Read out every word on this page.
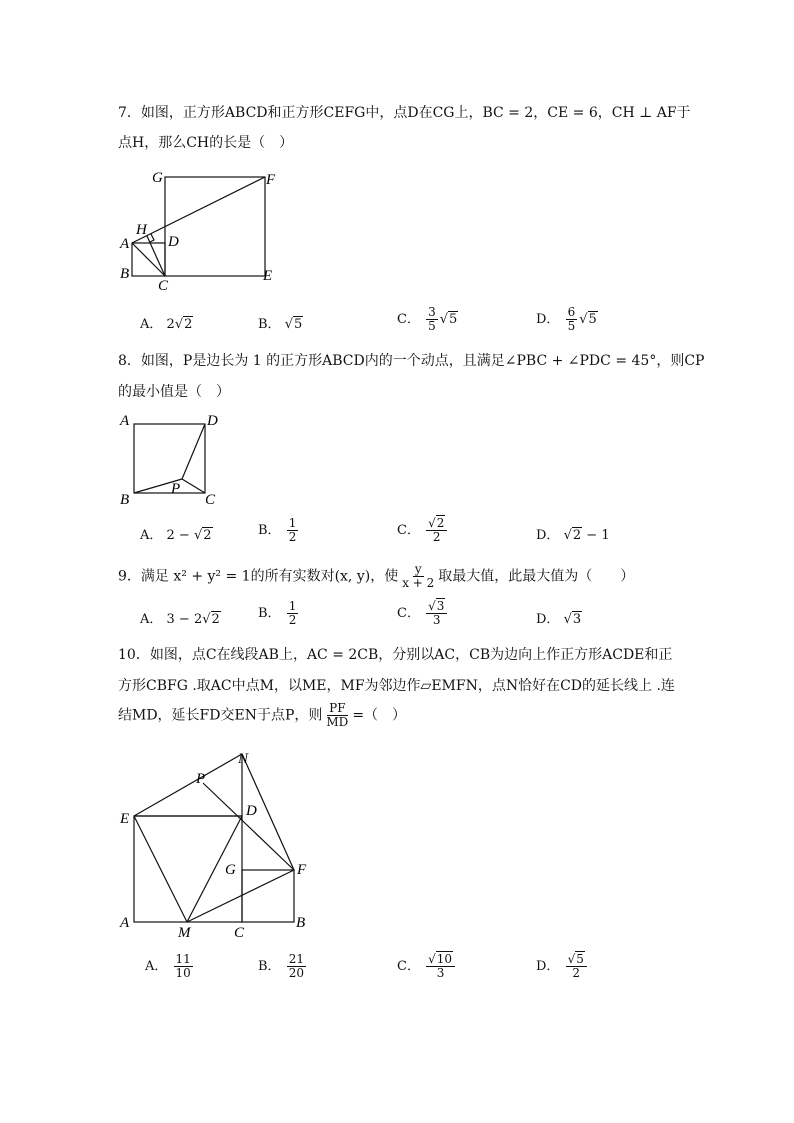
7．如图，正方形ABCD和正方形CEFG中，点D在CG上，BC = 2，CE = 6，CH ⊥ AF于
点H，那么CH的长是（　）
G	F
H
A	D
B
C
E
A． 2√2	B． √5	C． $\frac{3}{5} √5$	D． $\frac{6}{5} √5$
8．如图，P是边长为 1 的正方形ABCD内的一个动点，且满足∠PBC + ∠PDC = 45°，则CP
的最小值是（　）
A	D
B
P
C
A． 2 − √2	B． $\frac{1}{2}$	C． $\frac{√2}{2}$	D． √2 − 1
9．满足 x² + y² = 1的所有实数对(x, y)，使 $\frac{y}{x + 2}$ 取最大值，此最大值为（　　）
A． 3 − 2√2	B． $\frac{1}{2}$	C． $\frac{√3}{3}$	D． √3
10．如图，点C在线段AB上，AC = 2CB，分别以AC，CB为边向上作正方形ACDE和正
方形CBFG .取AC中点M，以ME，MF为邻边作▱EMFN，点N恰好在CD的延长线上 .连
结MD，延长FD交EN于点P，则 $\frac{PF}{MD}$ =（　）
N
P
E	D
G	F
A
M	C
B
A． $\frac{11}{10}$	B． $\frac{21}{20}$	C． $\frac{√10}{3}$	D． $\frac{√5}{2}$
